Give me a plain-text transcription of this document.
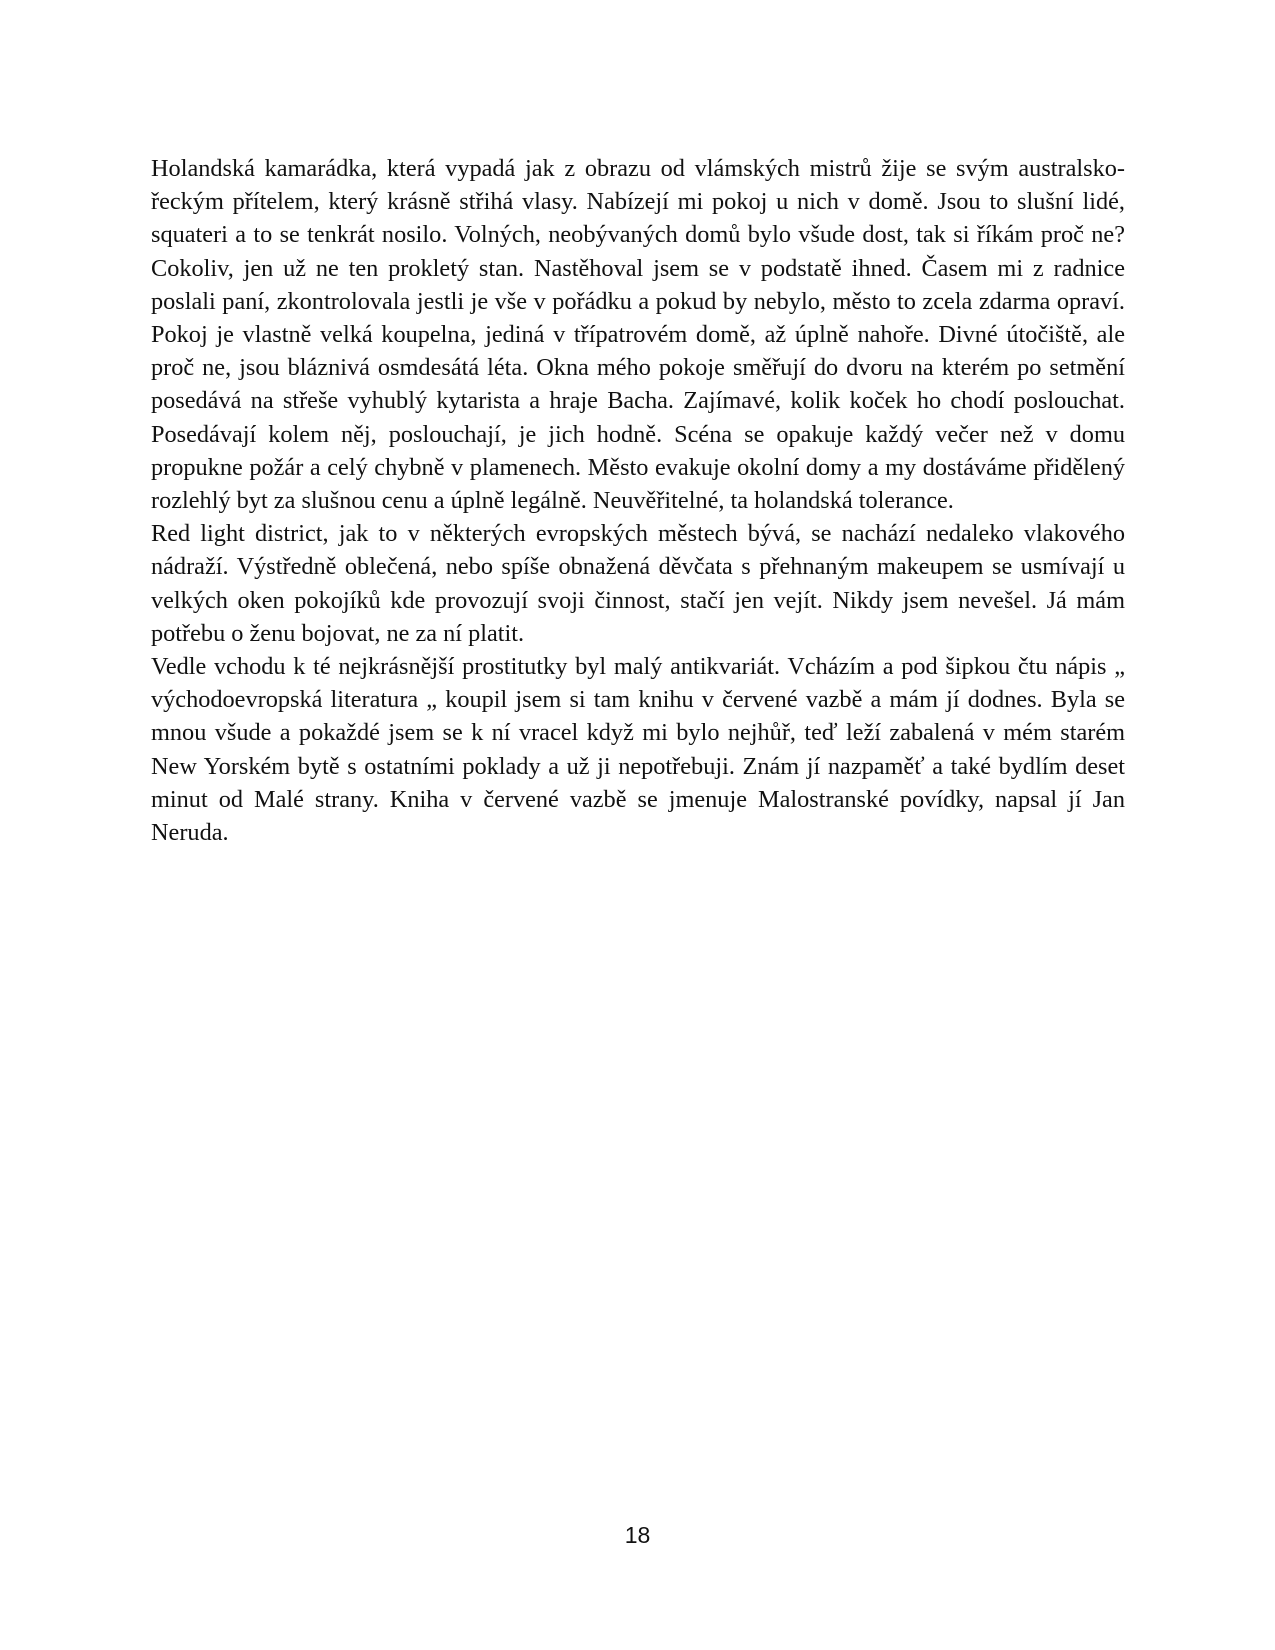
Holandská kamarádka, která vypadá jak z obrazu od vlámských mistrů žije se svým australsko-řeckým přítelem, který krásně střihá vlasy. Nabízejí mi pokoj u nich v domě. Jsou to slušní lidé, squateri a to se tenkrát nosilo. Volných, neobývaných domů bylo všude dost, tak si říkám proč ne? Cokoliv, jen už ne ten prokletý stan. Nastěhoval jsem se v podstatě ihned. Časem mi z radnice poslali paní, zkontrolovala jestli je vše v pořádku a pokud by nebylo, město to zcela zdarma opraví. Pokoj je vlastně velká koupelna, jediná v třípatrovém domě, až úplně nahoře. Divné útočiště, ale proč ne, jsou bláznivá osmdesátá léta. Okna mého pokoje směřují do dvoru na kterém po setmění posedává na střeše vyhublý kytarista a hraje Bacha. Zajímavé, kolik koček ho chodí poslouchat. Posedávají kolem něj, poslouchají, je jich hodně. Scéna se opakuje každý večer než v domu propukne požár a celý chybně v plamenech. Město evakuje okolní domy a my dostáváme přidělený rozlehlý byt za slušnou cenu a úplně legálně. Neuvěřitelné, ta holandská tolerance.

Red light district, jak to v některých evropských městech bývá, se nachází nedaleko vlakového nádraží. Výstředně oblečená, nebo spíše obnažená děvčata s přehnaným makeupem se usmívají u velkých oken pokojíků kde provozují svoji činnost, stačí jen vejít. Nikdy jsem nevešel. Já mám potřebu o ženu bojovat, ne za ní platit.

Vedle vchodu k té nejkrásnější prostitutky byl malý antikvariát. Vcházím a pod šipkou čtu nápis „ východoevropská literatura „ koupil jsem si tam knihu v červené vazbě a mám jí dodnes. Byla se mnou všude a pokaždé jsem se k ní vracel když mi bylo nejhůř, teď leží zabalená v mém starém New Yorském bytě s ostatními poklady a už ji nepotřebuji. Znám jí nazpaměť a také bydlím deset minut od Malé strany. Kniha v červené vazbě se jmenuje Malostranské povídky, napsal jí Jan Neruda.

18
